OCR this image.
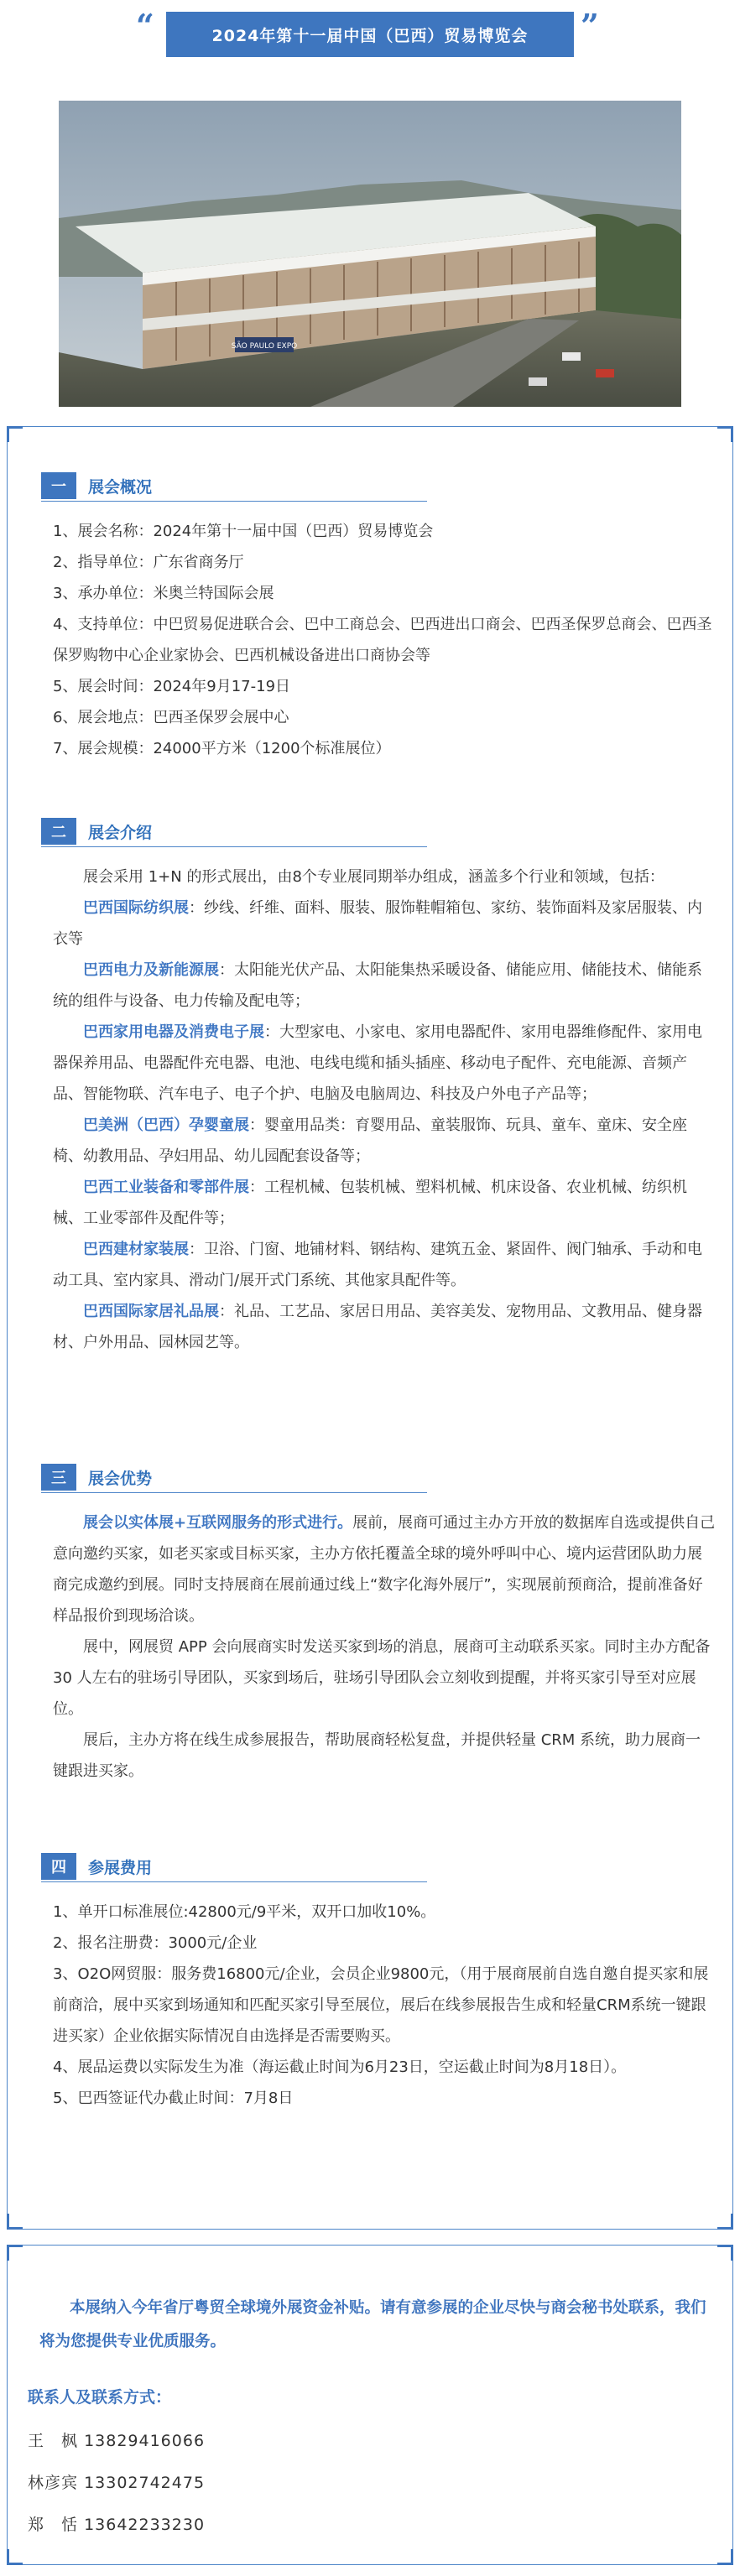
“	2024年第十一届中国（巴西）贸易博览会	”
SÃO PAULO EXPO
一	展会概况

1、展会名称：2024年第十一届中国（巴西）贸易博览会

2、指导单位：广东省商务厅

3、承办单位：米奥兰特国际会展

4、支持单位：中巴贸易促进联合会、巴中工商总会、巴西进出口商会、巴西圣保罗总商会、巴西圣保罗购物中心企业家协会、巴西机械设备进出口商协会等

5、展会时间：2024年9月17-19日

6、展会地点：巴西圣保罗会展中心

7、展会规模：24000平方米（1200个标准展位）

二	展会介绍

展会采用 1+N 的形式展出，由8个专业展同期举办组成，涵盖多个行业和领域，包括：

巴西国际纺织展：纱线、纤维、面料、服装、服饰鞋帽箱包、家纺、装饰面料及家居服装、内衣等

巴西电力及新能源展：太阳能光伏产品、太阳能集热采暖设备、储能应用、储能技术、储能系统的组件与设备、电力传输及配电等；

巴西家用电器及消费电子展：大型家电、小家电、家用电器配件、家用电器维修配件、家用电器保养用品、电器配件充电器、电池、电线电缆和插头插座、移动电子配件、充电能源、音频产品、智能物联、汽车电子、电子个护、电脑及电脑周边、科技及户外电子产品等；

巴美洲（巴西）孕婴童展：婴童用品类：育婴用品、童装服饰、玩具、童车、童床、安全座椅、幼教用品、孕妇用品、幼儿园配套设备等；

巴西工业装备和零部件展：工程机械、包装机械、塑料机械、机床设备、农业机械、纺织机械、工业零部件及配件等；

巴西建材家装展：卫浴、门窗、地铺材料、钢结构、建筑五金、紧固件、阀门轴承、手动和电动工具、室内家具、滑动门/展开式门系统、其他家具配件等。

巴西国际家居礼品展：礼品、工艺品、家居日用品、美容美发、宠物用品、文教用品、健身器材、户外用品、园林园艺等。

三	展会优势

展会以实体展+互联网服务的形式进行。展前，展商可通过主办方开放的数据库自选或提供自己意向邀约买家，如老买家或目标买家，主办方依托覆盖全球的境外呼叫中心、境内运营团队助力展商完成邀约到展。同时支持展商在展前通过线上“数字化海外展厅”，实现展前预商洽，提前准备好样品报价到现场洽谈。

展中，网展贸 APP 会向展商实时发送买家到场的消息，展商可主动联系买家。同时主办方配备 30 人左右的驻场引导团队，买家到场后，驻场引导团队会立刻收到提醒，并将买家引导至对应展位。

展后，主办方将在线生成参展报告，帮助展商轻松复盘，并提供轻量 CRM 系统，助力展商一键跟进买家。

四	参展费用

1、单开口标准展位:42800元/9平米，双开口加收10%。

2、报名注册费：3000元/企业

3、O2O网贸服：服务费16800元/企业，会员企业9800元，（用于展商展前自选自邀自提买家和展前商洽，展中买家到场通知和匹配买家引导至展位，展后在线参展报告生成和轻量CRM系统一键跟进买家）企业依据实际情况自由选择是否需要购买。

4、展品运费以实际发生为准（海运截止时间为6月23日，空运截止时间为8月18日）。

5、巴西签证代办截止时间：7月8日

本展纳入今年省厅粤贸全球境外展资金补贴。请有意参展的企业尽快与商会秘书处联系，我们将为您提供专业优质服务。
联系人及联系方式：
王　枫 13829416066
林彦宾 13302742475
郑　恬 13642233230
